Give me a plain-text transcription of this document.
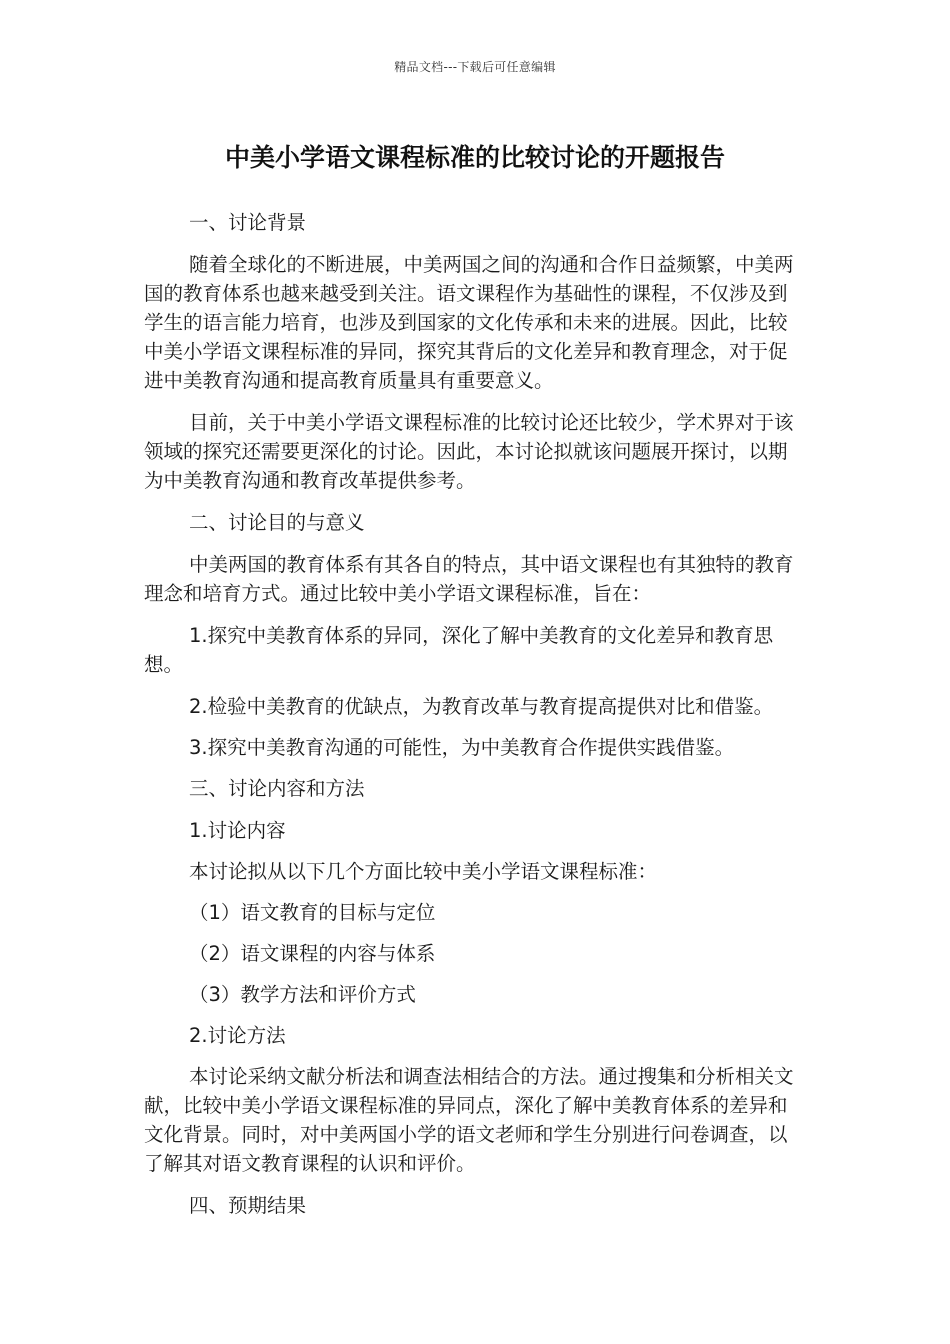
精品文档---下载后可任意编辑
中美小学语文课程标准的比较讨论的开题报告

一、讨论背景

随着全球化的不断进展，中美两国之间的沟通和合作日益频繁，中美两国的教育体系也越来越受到关注。语文课程作为基础性的课程，不仅涉及到学生的语言能力培育，也涉及到国家的文化传承和未来的进展。因此，比较中美小学语文课程标准的异同，探究其背后的文化差异和教育理念，对于促进中美教育沟通和提高教育质量具有重要意义。

目前，关于中美小学语文课程标准的比较讨论还比较少，学术界对于该领域的探究还需要更深化的讨论。因此，本讨论拟就该问题展开探讨，以期为中美教育沟通和教育改革提供参考。

二、讨论目的与意义

中美两国的教育体系有其各自的特点，其中语文课程也有其独特的教育理念和培育方式。通过比较中美小学语文课程标准，旨在：

1.探究中美教育体系的异同，深化了解中美教育的文化差异和教育思想。

2.检验中美教育的优缺点，为教育改革与教育提高提供对比和借鉴。

3.探究中美教育沟通的可能性，为中美教育合作提供实践借鉴。

三、讨论内容和方法

1.讨论内容

本讨论拟从以下几个方面比较中美小学语文课程标准：

（1）语文教育的目标与定位

（2）语文课程的内容与体系

（3）教学方法和评价方式

2.讨论方法

本讨论采纳文献分析法和调查法相结合的方法。通过搜集和分析相关文献，比较中美小学语文课程标准的异同点，深化了解中美教育体系的差异和文化背景。同时，对中美两国小学的语文老师和学生分别进行问卷调查，以了解其对语文教育课程的认识和评价。

四、预期结果
